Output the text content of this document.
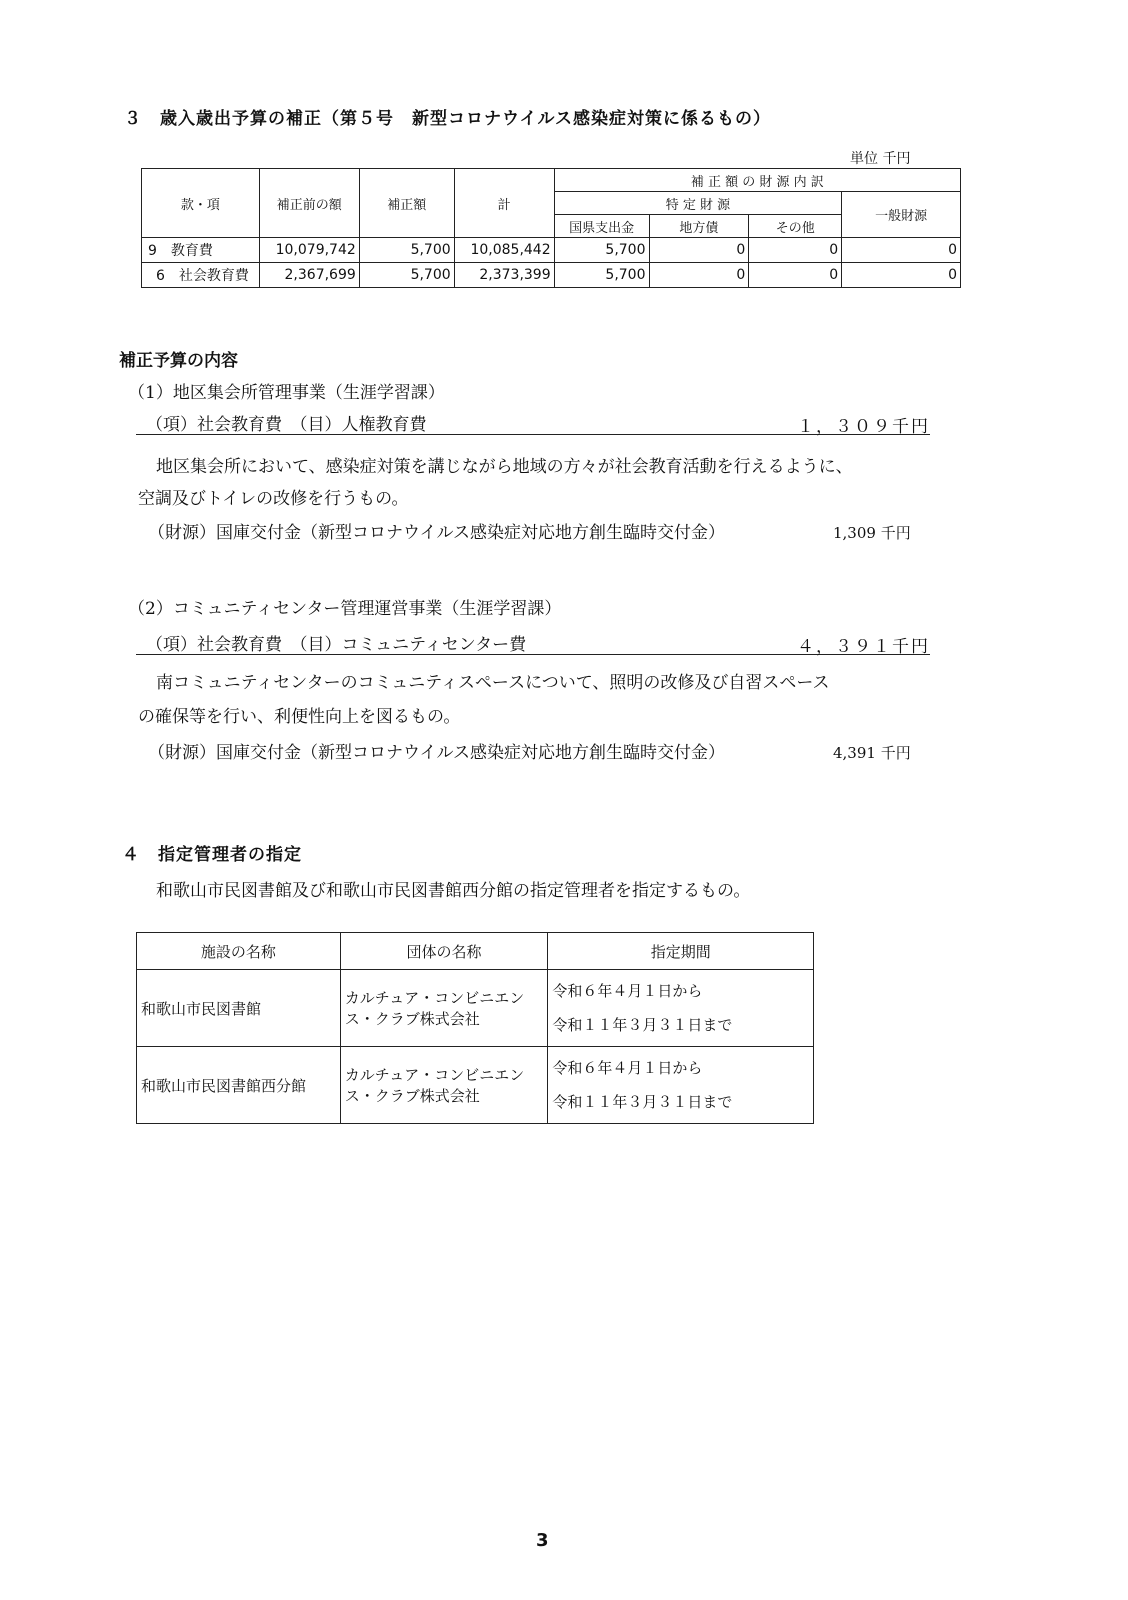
３　歳入歳出予算の補正（第５号　新型コロナウイルス感染症対策に係るもの）
単位 千円
款・項	補正前の額	補正額	計	補 正 額 の 財 源 内 訳			
				特 定 財 源			一般財源
				国県支出金	地方債	その他	
9　教育費	10,079,742	5,700	10,085,442	5,700	0	0	0
6　社会教育費	2,367,699	5,700	2,373,399	5,700	0	0	0
補正予算の内容
（1）地区集会所管理事業（生涯学習課）
（項）社会教育費　（目）人権教育費	１，３０９千円
地区集会所において、感染症対策を講じながら地域の方々が社会教育活動を行えるように、
空調及びトイレの改修を行うもの。
（財源）国庫交付金（新型コロナウイルス感染症対応地方創生臨時交付金）	1,309 千円
（2）コミュニティセンター管理運営事業（生涯学習課）
（項）社会教育費　（目）コミュニティセンター費	４，３９１千円
南コミュニティセンターのコミュニティスペースについて、照明の改修及び自習スペース
の確保等を行い、利便性向上を図るもの。
（財源）国庫交付金（新型コロナウイルス感染症対応地方創生臨時交付金）	4,391 千円
４　指定管理者の指定
和歌山市民図書館及び和歌山市民図書館西分館の指定管理者を指定するもの。
施設の名称	団体の名称	指定期間
和歌山市民図書館	カルチュア・コンビニエンス・クラブ株式会社	令和６年４月１日から
令和１１年３月３１日まで

和歌山市民図書館西分館	カルチュア・コンビニエンス・クラブ株式会社	令和６年４月１日から
令和１１年３月３１日まで
3
